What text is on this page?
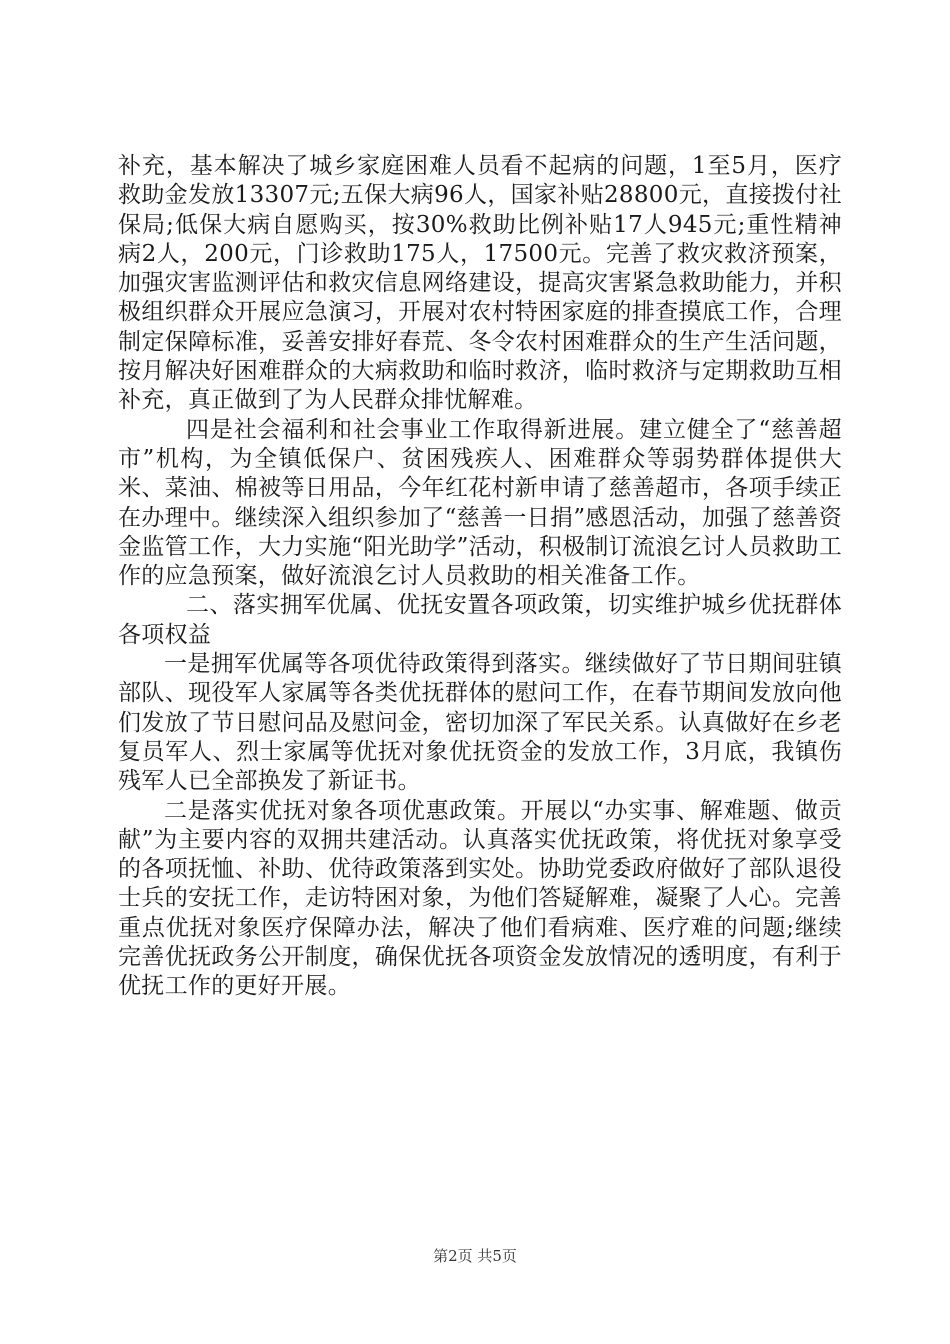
补充，基本解决了城乡家庭困难人员看不起病的问题，1至5月，医疗救助金发放13307元;五保大病96人，国家补贴28800元，直接拨付社保局;低保大病自愿购买，按30%救助比例补贴17人945元;重性精神病2人，200元，门诊救助175人，17500元。完善了救灾救济预案，加强灾害监测评估和救灾信息网络建设，提高灾害紧急救助能力，并积极组织群众开展应急演习，开展对农村特困家庭的排查摸底工作，合理制定保障标准，妥善安排好春荒、冬令农村困难群众的生产生活问题，按月解决好困难群众的大病救助和临时救济，临时救济与定期救助互相补充，真正做到了为人民群众排忧解难。

四是社会福利和社会事业工作取得新进展。建立健全了“慈善超市”机构，为全镇低保户、贫困残疾人、困难群众等弱势群体提供大米、菜油、棉被等日用品，今年红花村新申请了慈善超市，各项手续正在办理中。继续深入组织参加了“慈善一日捐”感恩活动，加强了慈善资金监管工作，大力实施“阳光助学”活动，积极制订流浪乞讨人员救助工作的应急预案，做好流浪乞讨人员救助的相关准备工作。

二、落实拥军优属、优抚安置各项政策，切实维护城乡优抚群体各项权益

一是拥军优属等各项优待政策得到落实。继续做好了节日期间驻镇部队、现役军人家属等各类优抚群体的慰问工作，在春节期间发放向他们发放了节日慰问品及慰问金，密切加深了军民关系。认真做好在乡老复员军人、烈士家属等优抚对象优抚资金的发放工作，3月底，我镇伤残军人已全部换发了新证书。

二是落实优抚对象各项优惠政策。开展以“办实事、解难题、做贡献”为主要内容的双拥共建活动。认真落实优抚政策，将优抚对象享受的各项抚恤、补助、优待政策落到实处。协助党委政府做好了部队退役士兵的安抚工作，走访特困对象，为他们答疑解难，凝聚了人心。完善重点优抚对象医疗保障办法，解决了他们看病难、医疗难的问题;继续完善优抚政务公开制度，确保优抚各项资金发放情况的透明度，有利于优抚工作的更好开展。

第2页 共5页
